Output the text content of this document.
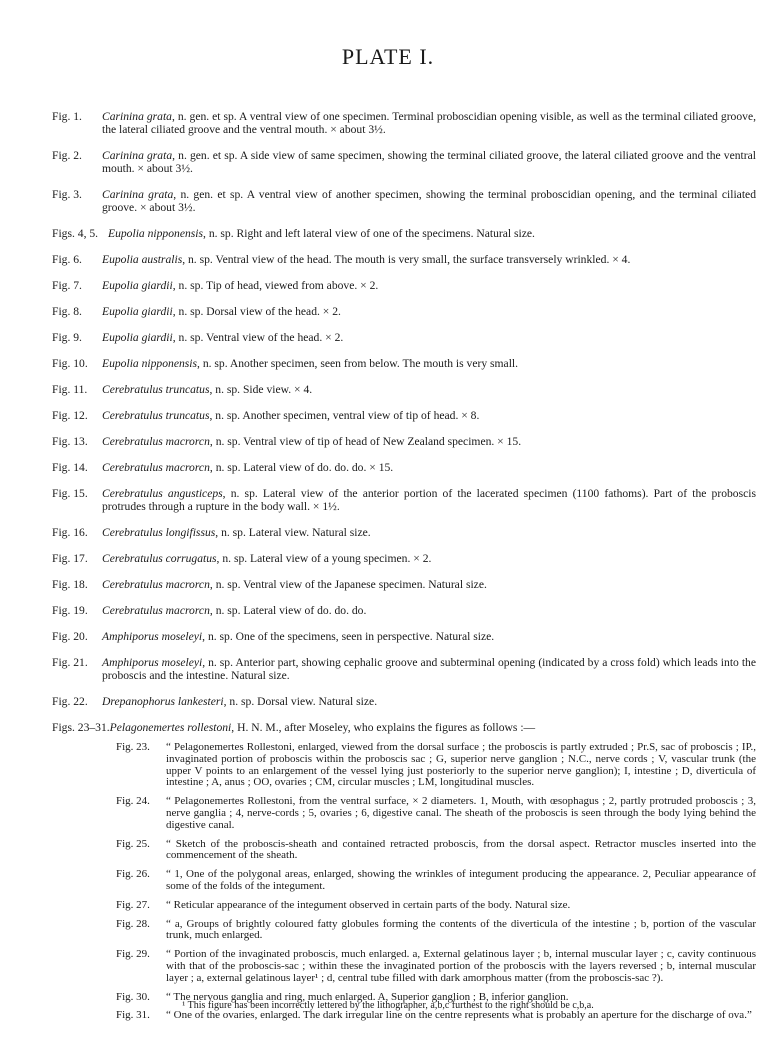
PLATE I.
Fig. 1.	Carinina grata, n. gen. et sp. A ventral view of one specimen. Terminal proboscidian opening visible, as well as the terminal ciliated groove, the lateral ciliated groove and the ventral mouth. × about 3½.
Fig. 2.	Carinina grata, n. gen. et sp. A side view of same specimen, showing the terminal ciliated groove, the lateral ciliated groove and the ventral mouth. × about 3½.
Fig. 3.	Carinina grata, n. gen. et sp. A ventral view of another specimen, showing the terminal proboscidian opening, and the terminal ciliated groove. × about 3½.
Figs. 4, 5. Eupolia nipponensis, n. sp. Right and left lateral view of one of the specimens. Natural size.
Fig. 6.	Eupolia australis, n. sp. Ventral view of the head. The mouth is very small, the surface transversely wrinkled. × 4.
Fig. 7.	Eupolia giardii, n. sp. Tip of head, viewed from above. × 2.
Fig. 8.	Eupolia giardii, n. sp. Dorsal view of the head. × 2.
Fig. 9.	Eupolia giardii, n. sp. Ventral view of the head. × 2.
Fig. 10.	Eupolia nipponensis, n. sp. Another specimen, seen from below. The mouth is very small.
Fig. 11.	Cerebratulus truncatus, n. sp. Side view. × 4.
Fig. 12.	Cerebratulus truncatus, n. sp. Another specimen, ventral view of tip of head. × 8.
Fig. 13.	Cerebratulus macrorcn, n. sp. Ventral view of tip of head of New Zealand specimen. × 15.
Fig. 14.	Cerebratulus macrorcn, n. sp. Lateral view of do. do. do. × 15.
Fig. 15.	Cerebratulus angusticeps, n. sp. Lateral view of the anterior portion of the lacerated specimen (1100 fathoms). Part of the proboscis protrudes through a rupture in the body wall. × 1½.
Fig. 16.	Cerebratulus longifissus, n. sp. Lateral view. Natural size.
Fig. 17.	Cerebratulus corrugatus, n. sp. Lateral view of a young specimen. × 2.
Fig. 18.	Cerebratulus macrorcn, n. sp. Ventral view of the Japanese specimen. Natural size.
Fig. 19.	Cerebratulus macrorcn, n. sp. Lateral view of do. do. do.
Fig. 20.	Amphiporus moseleyi, n. sp. One of the specimens, seen in perspective. Natural size.
Fig. 21.	Amphiporus moseleyi, n. sp. Anterior part, showing cephalic groove and subterminal opening (indicated by a cross fold) which leads into the proboscis and the intestine. Natural size.
Fig. 22.	Drepanophorus lankesteri, n. sp. Dorsal view. Natural size.
Figs. 23–31. Pelagonemertes rollestoni, H. N. M., after Moseley, who explains the figures as follows :—
Fig. 23.	“ Pelagonemertes Rollestoni, enlarged, viewed from the dorsal surface ; the proboscis is partly extruded ; Pr.S, sac of proboscis ; IP., invaginated portion of proboscis within the proboscis sac ; G, superior nerve ganglion ; N.C., nerve cords ; V, vascular trunk (the upper V points to an enlargement of the vessel lying just posteriorly to the superior nerve ganglion); I, intestine ; D, diverticula of intestine ; A, anus ; OO, ovaries ; CM, circular muscles ; LM, longitudinal muscles.
Fig. 24.	“ Pelagonemertes Rollestoni, from the ventral surface, × 2 diameters. 1, Mouth, with œsophagus ; 2, partly protruded proboscis ; 3, nerve ganglia ; 4, nerve-cords ; 5, ovaries ; 6, digestive canal. The sheath of the proboscis is seen through the body lying behind the digestive canal.
Fig. 25.	“ Sketch of the proboscis-sheath and contained retracted proboscis, from the dorsal aspect. Retractor muscles inserted into the commencement of the sheath.
Fig. 26.	“ 1, One of the polygonal areas, enlarged, showing the wrinkles of integument producing the appearance. 2, Peculiar appearance of some of the folds of the integument.
Fig. 27.	“ Reticular appearance of the integument observed in certain parts of the body. Natural size.
Fig. 28.	“ a, Groups of brightly coloured fatty globules forming the contents of the diverticula of the intestine ; b, portion of the vascular trunk, much enlarged.
Fig. 29.	“ Portion of the invaginated proboscis, much enlarged. a, External gelatinous layer ; b, internal muscular layer ; c, cavity continuous with that of the proboscis-sac ; within these the invaginated portion of the proboscis with the layers reversed ; b, internal muscular layer ; a, external gelatinous layer¹ ; d, central tube filled with dark amorphous matter (from the proboscis-sac ?).
Fig. 30.	“ The nervous ganglia and ring, much enlarged. A, Superior ganglion ; B, inferior ganglion.
Fig. 31.	“ One of the ovaries, enlarged. The dark irregular line on the centre represents what is probably an aperture for the discharge of ova.”
¹ This figure has been incorrectly lettered by the lithographer, a,b,c furthest to the right should be c,b,a.
